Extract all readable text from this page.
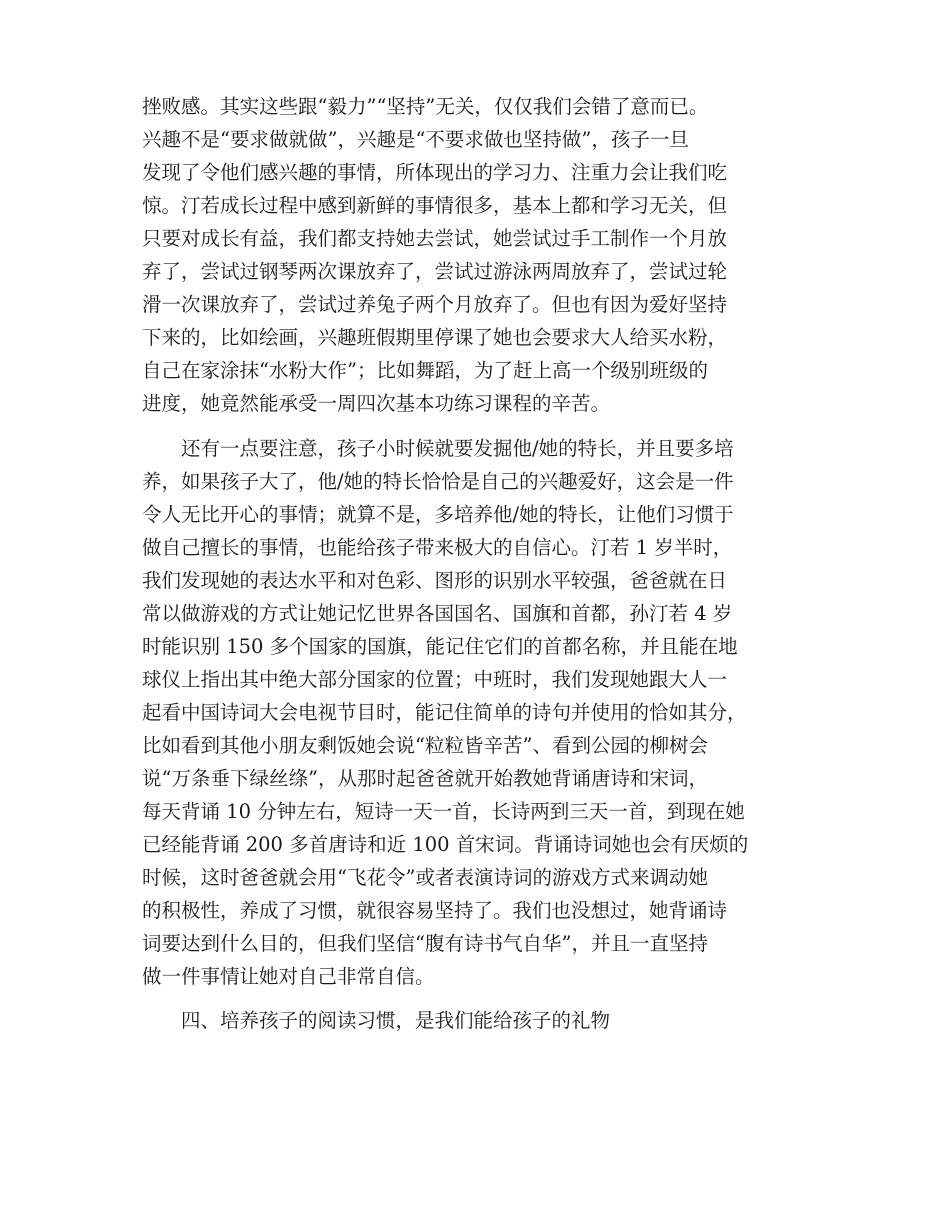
挫败感。其实这些跟“毅力”“坚持”无关，仅仅我们会错了意而已。

兴趣不是“要求做就做”，兴趣是“不要求做也坚持做”，孩子一旦

发现了令他们感兴趣的事情，所体现出的学习力、注重力会让我们吃

惊。汀若成长过程中感到新鲜的事情很多，基本上都和学习无关，但

只要对成长有益，我们都支持她去尝试，她尝试过手工制作一个月放

弃了，尝试过钢琴两次课放弃了，尝试过游泳两周放弃了，尝试过轮

滑一次课放弃了，尝试过养兔子两个月放弃了。但也有因为爱好坚持

下来的，比如绘画，兴趣班假期里停课了她也会要求大人给买水粉，

自己在家涂抹“水粉大作”；比如舞蹈，为了赶上高一个级别班级的

进度，她竟然能承受一周四次基本功练习课程的辛苦。

还有一点要注意，孩子小时候就要发掘他/她的特长，并且要多培

养，如果孩子大了，他/她的特长恰恰是自己的兴趣爱好，这会是一件

令人无比开心的事情；就算不是，多培养他/她的特长，让他们习惯于

做自己擅长的事情，也能给孩子带来极大的自信心。汀若 1 岁半时，

我们发现她的表达水平和对色彩、图形的识别水平较强，爸爸就在日

常以做游戏的方式让她记忆世界各国国名、国旗和首都，孙汀若 4 岁

时能识别 150 多个国家的国旗，能记住它们的首都名称，并且能在地

球仪上指出其中绝大部分国家的位置；中班时，我们发现她跟大人一

起看中国诗词大会电视节目时，能记住简单的诗句并使用的恰如其分，

比如看到其他小朋友剩饭她会说“粒粒皆辛苦”、看到公园的柳树会

说“万条垂下绿丝绦”，从那时起爸爸就开始教她背诵唐诗和宋词，

每天背诵 10 分钟左右，短诗一天一首，长诗两到三天一首，到现在她

已经能背诵 200 多首唐诗和近 100 首宋词。背诵诗词她也会有厌烦的

时候，这时爸爸就会用“飞花令”或者表演诗词的游戏方式来调动她

的积极性，养成了习惯，就很容易坚持了。我们也没想过，她背诵诗

词要达到什么目的，但我们坚信“腹有诗书气自华”，并且一直坚持

做一件事情让她对自己非常自信。

四、培养孩子的阅读习惯，是我们能给孩子的礼物
